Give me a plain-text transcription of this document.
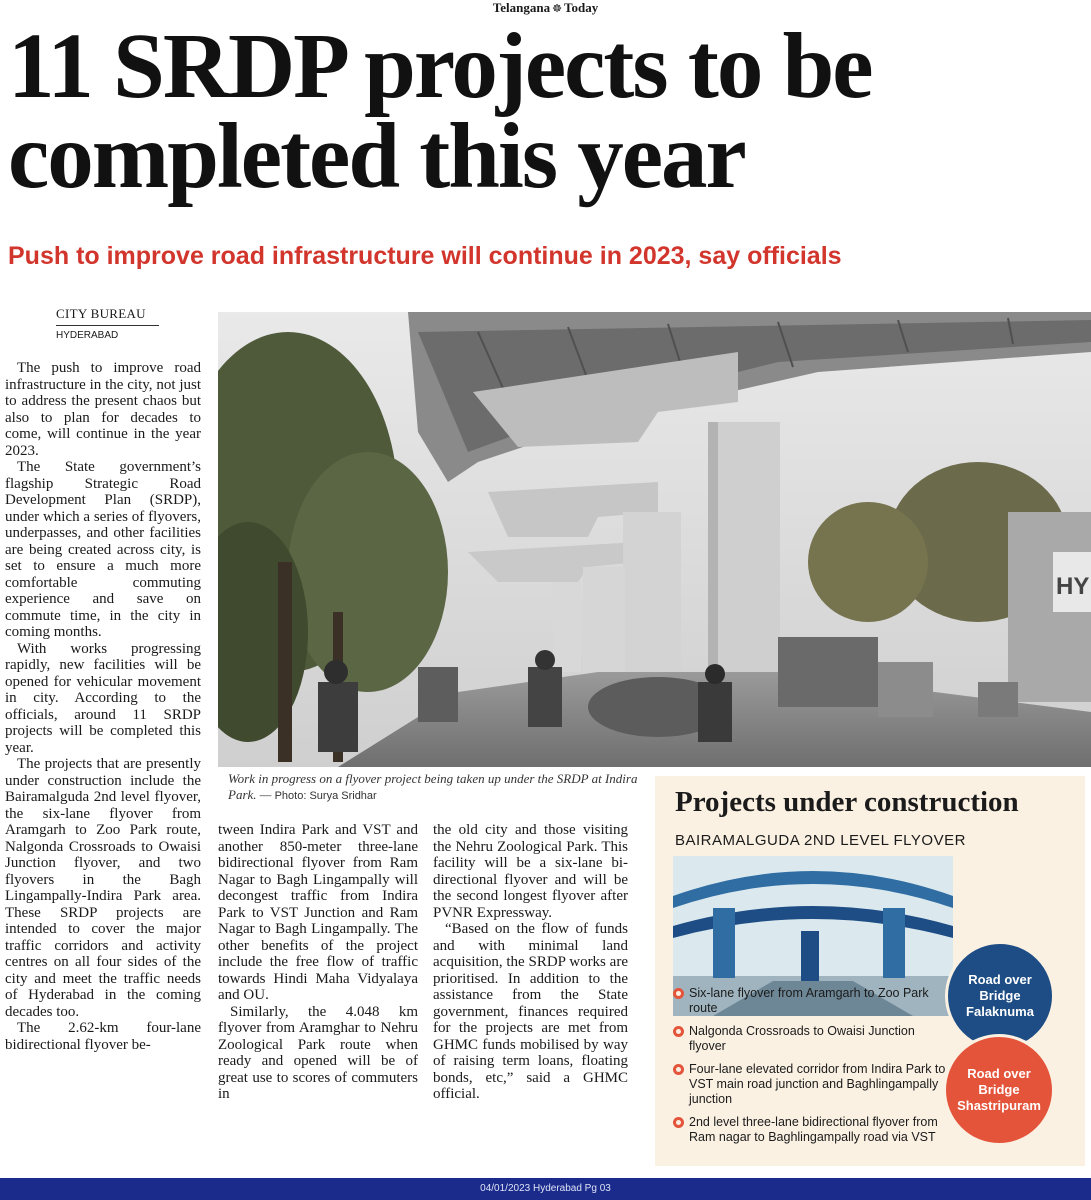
Telangana ☸ Today
11 SRDP projects to be
completed this year
Push to improve road infrastructure will continue in 2023, say officials
CITY BUREAU
HYDERABAD

The push to improve road infrastructure in the city, not just to address the present chaos but also to plan for decades to come, will continue in the year 2023.

The State government’s flagship Strategic Road Development Plan (SRDP), under which a series of flyovers, underpasses, and other facilities are being created across city, is set to ensure a much more comfortable commuting experience and save on commute time, in the city in coming months.

With works progressing rapidly, new facilities will be opened for vehicular movement in city. According to the officials, around 11 SRDP projects will be completed this year.

The projects that are presently under construction include the Bairamalguda 2nd level flyover, the six-lane flyover from Aramgarh to Zoo Park route, Nalgonda Crossroads to Owaisi Junction flyover, and two flyovers in the Bagh Lingampally-Indira Park area. These SRDP projects are intended to cover the major traffic corridors and activity centres on all four sides of the city and meet the traffic needs of Hyderabad in the coming decades too.

The 2.62-km four-lane bidirectional flyover be-

HY
Work in progress on a flyover project being taken up under the SRDP at Indira Park. — Photo: Surya Sridhar

tween Indira Park and VST and another 850-meter three-lane bidirectional flyover from Ram Nagar to Bagh Lingampally will decongest traffic from Indira Park to VST Junction and Ram Nagar to Bagh Lingampally. The other benefits of the project include the free flow of traffic towards Hindi Maha Vidyalaya and OU.

Similarly, the 4.048 km flyover from Aramghar to Nehru Zoological Park route when ready and opened will be of great use to scores of commuters in

the old city and those visiting the Nehru Zoological Park. This facility will be a six-lane bi-directional flyover and will be the second longest flyover after PVNR Expressway.

“Based on the flow of funds and with minimal land acquisition, the SRDP works are prioritised. In addition to the assistance from the State government, finances required for the projects are met from GHMC funds mobilised by way of raising term loans, floating bonds, etc,” said a GHMC official.

Projects under construction
BAIRAMALGUDA 2ND LEVEL FLYOVER
Six-lane flyover from Aramgarh to Zoo Park route
Nalgonda Crossroads to Owaisi Junction flyover
Four-lane elevated corridor from Indira Park to VST main road junction and Baghlingampally junction
2nd level three-lane bidirectional flyover from Ram nagar to Baghlingampally road via VST
Road over Bridge Falaknuma
Road over Bridge Shastripuram
04/01/2023 Hyderabad Pg 03
